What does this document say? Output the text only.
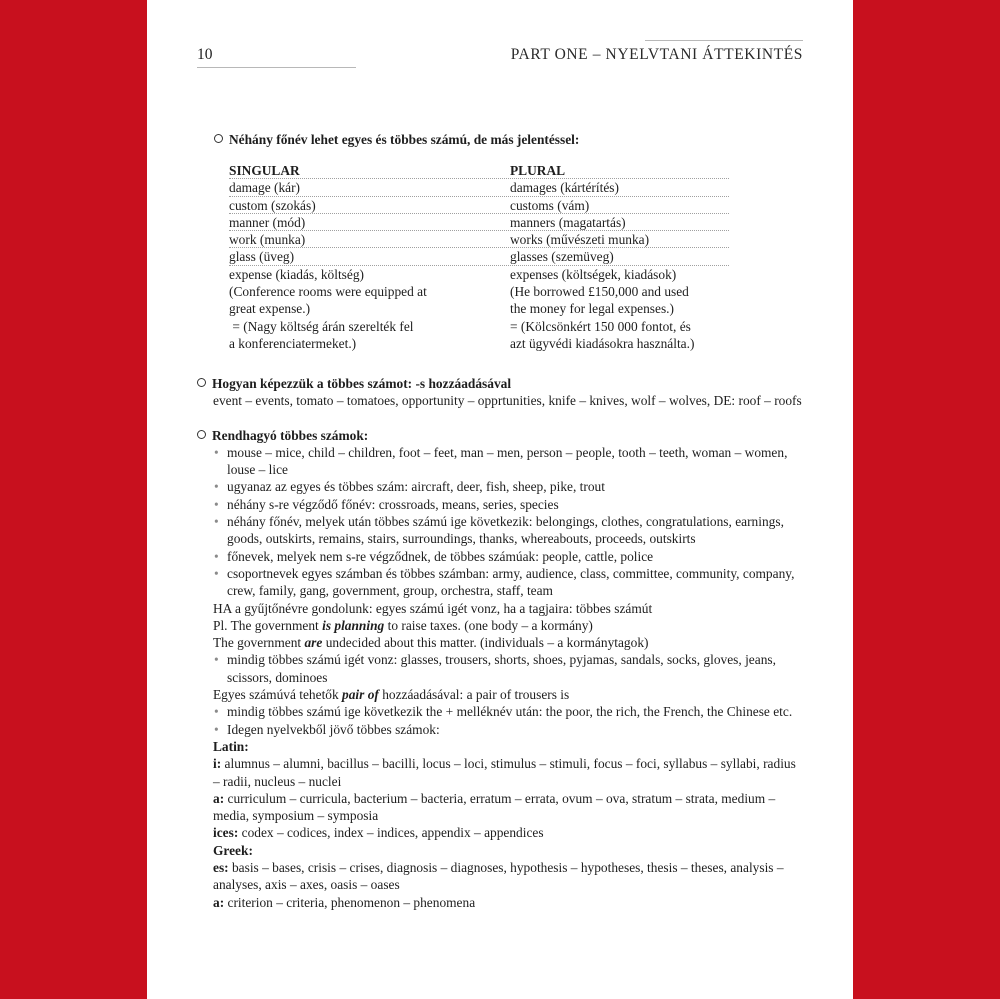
10	PART ONE – NYELVTANI ÁTTEKINTÉS
Néhány főnév lehet egyes és többes számú, de más jelentéssel:
SINGULAR	PLURAL
damage (kár)	damages (kártérítés)
custom (szokás)	customs (vám)
manner (mód)	manners (magatartás)
work (munka)	works (művészeti munka)
glass (üveg)	glasses (szemüveg)
expense (kiadás, költség)	expenses (költségek, kiadások)
(Conference rooms were equipped at	(He borrowed £150,000 and used
great expense.)	the money for legal expenses.)
= (Nagy költség árán szerelték fel	= (Kölcsönkért 150 000 fontot, és
a konferenciatermeket.)	azt ügyvédi kiadásokra használta.)
Hogyan képezzük a többes számot: -s hozzáadásával
event – events, tomato – tomatoes, opportunity – opprtunities, knife – knives, wolf – wolves, DE: roof – roofs
Rendhagyó többes számok:
• mouse – mice, child – children, foot – feet, man – men, person – people, tooth – teeth, woman – women, louse – lice
• ugyanaz az egyes és többes szám: aircraft, deer, fish, sheep, pike, trout
• néhány s-re végződő főnév: crossroads, means, series, species
• néhány főnév, melyek után többes számú ige következik: belongings, clothes, congratulations, earnings, goods, outskirts, remains, stairs, surroundings, thanks, whereabouts, proceeds, outskirts
• főnevek, melyek nem s-re végződnek, de többes számúak: people, cattle, police
• csoportnevek egyes számban és többes számban: army, audience, class, committee, community, company, crew, family, gang, government, group, orchestra, staff, team
HA a gyűjtőnévre gondolunk: egyes számú igét vonz, ha a tagjaira: többes számút
Pl. The government is planning to raise taxes. (one body – a kormány)
The government are undecided about this matter. (individuals – a kormánytagok)
• mindig többes számú igét vonz: glasses, trousers, shorts, shoes, pyjamas, sandals, socks, gloves, jeans, scissors, dominoes
Egyes számúvá tehetők pair of hozzáadásával: a pair of trousers is
• mindig többes számú ige következik the + melléknév után: the poor, the rich, the French, the Chinese etc.
• Idegen nyelvekből jövő többes számok:
Latin:
i: alumnus – alumni, bacillus – bacilli, locus – loci, stimulus – stimuli, focus – foci, syllabus – syllabi, radius – radii, nucleus – nuclei
a: curriculum – curricula, bacterium – bacteria, erratum – errata, ovum – ova, stratum – strata, medium – media, symposium – symposia
ices: codex – codices, index – indices, appendix – appendices
Greek:
es: basis – bases, crisis – crises, diagnosis – diagnoses, hypothesis – hypotheses, thesis – theses, analysis – analyses, axis – axes, oasis – oases
a: criterion – criteria, phenomenon – phenomena
